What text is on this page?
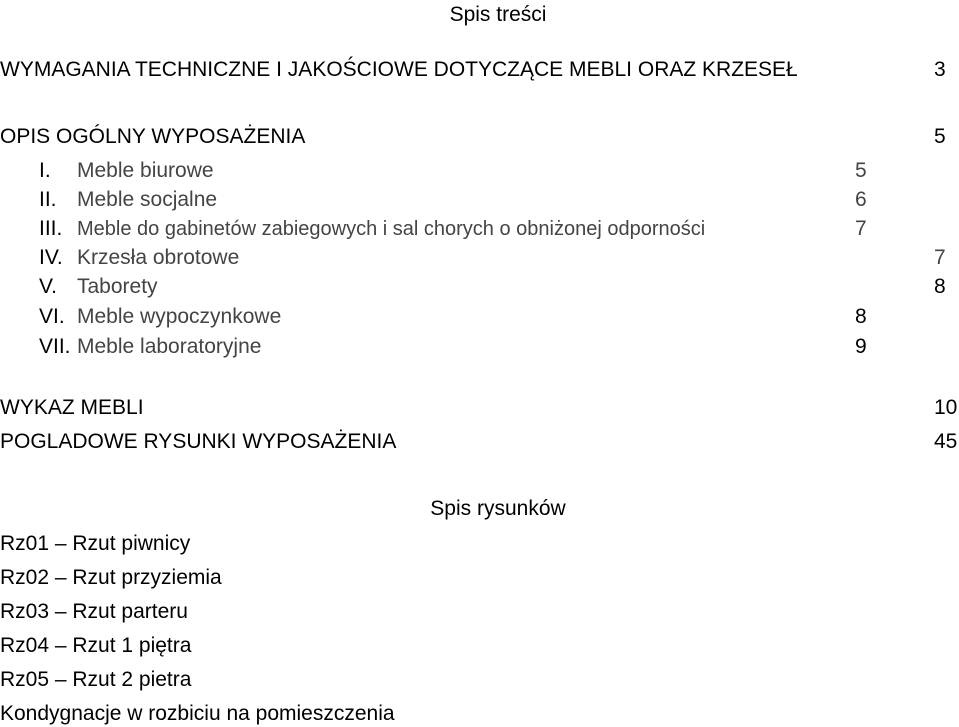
Spis treści
WYMAGANIA TECHNICZNE I JAKOŚCIOWE DOTYCZĄCE MEBLI ORAZ KRZESEŁ	3
OPIS OGÓLNY WYPOSAŻENIA	5
I. Meble biurowe	5
II. Meble socjalne	6
III. Meble do gabinetów zabiegowych i sal chorych o obniżonej odporności	7
IV. Krzesła obrotowe	7
V. Taborety	8
VI. Meble wypoczynkowe	8
VII. Meble laboratoryjne	9
WYKAZ MEBLI	10
POGLADOWE RYSUNKI WYPOSAŻENIA	45
Spis rysunków
Rz01 – Rzut piwnicy
Rz02 – Rzut przyziemia
Rz03 – Rzut parteru
Rz04 – Rzut 1 piętra
Rz05 – Rzut 2 pietra
Kondygnacje w rozbiciu na pomieszczenia
